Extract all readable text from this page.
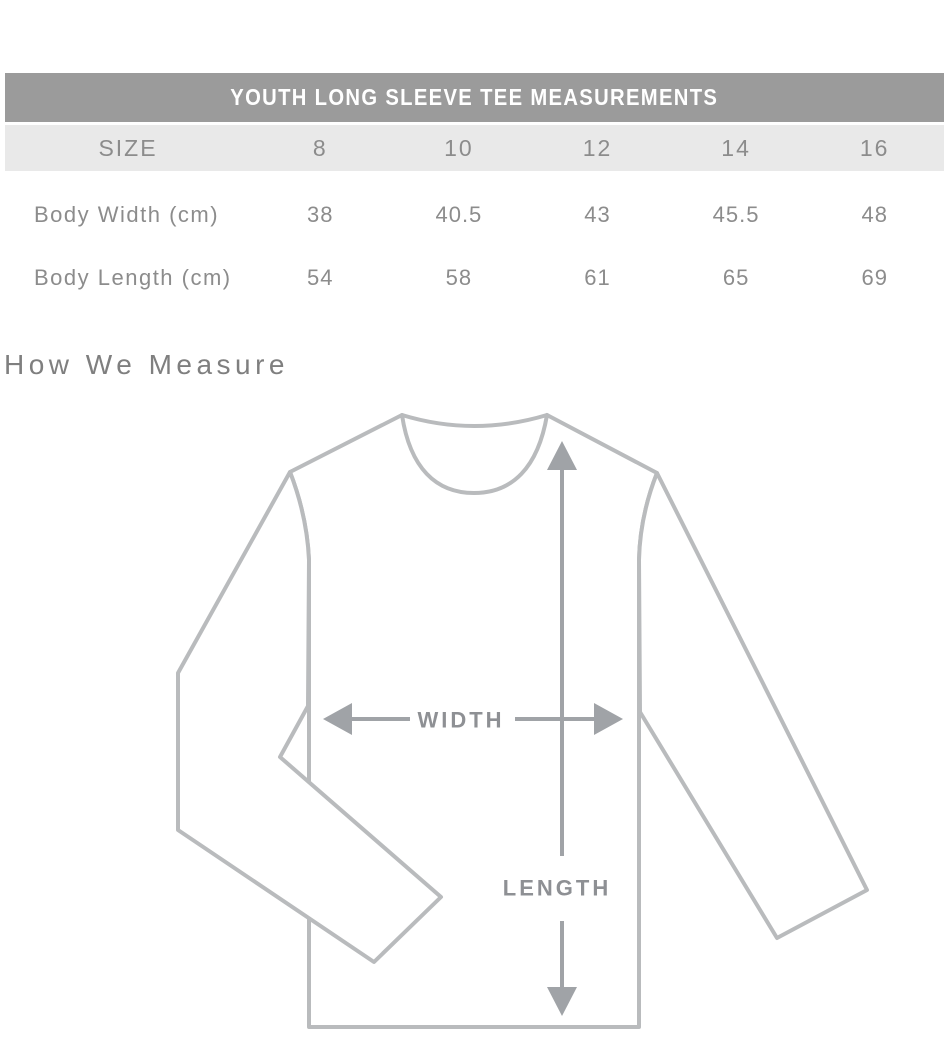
YOUTH LONG SLEEVE TEE MEASUREMENTS
SIZE	8	10	12	14	16
Body Width (cm)	38	40.5	43	45.5	48
Body Length (cm)	54	58	61	65	69
How We Measure
WIDTH
LENGTH
